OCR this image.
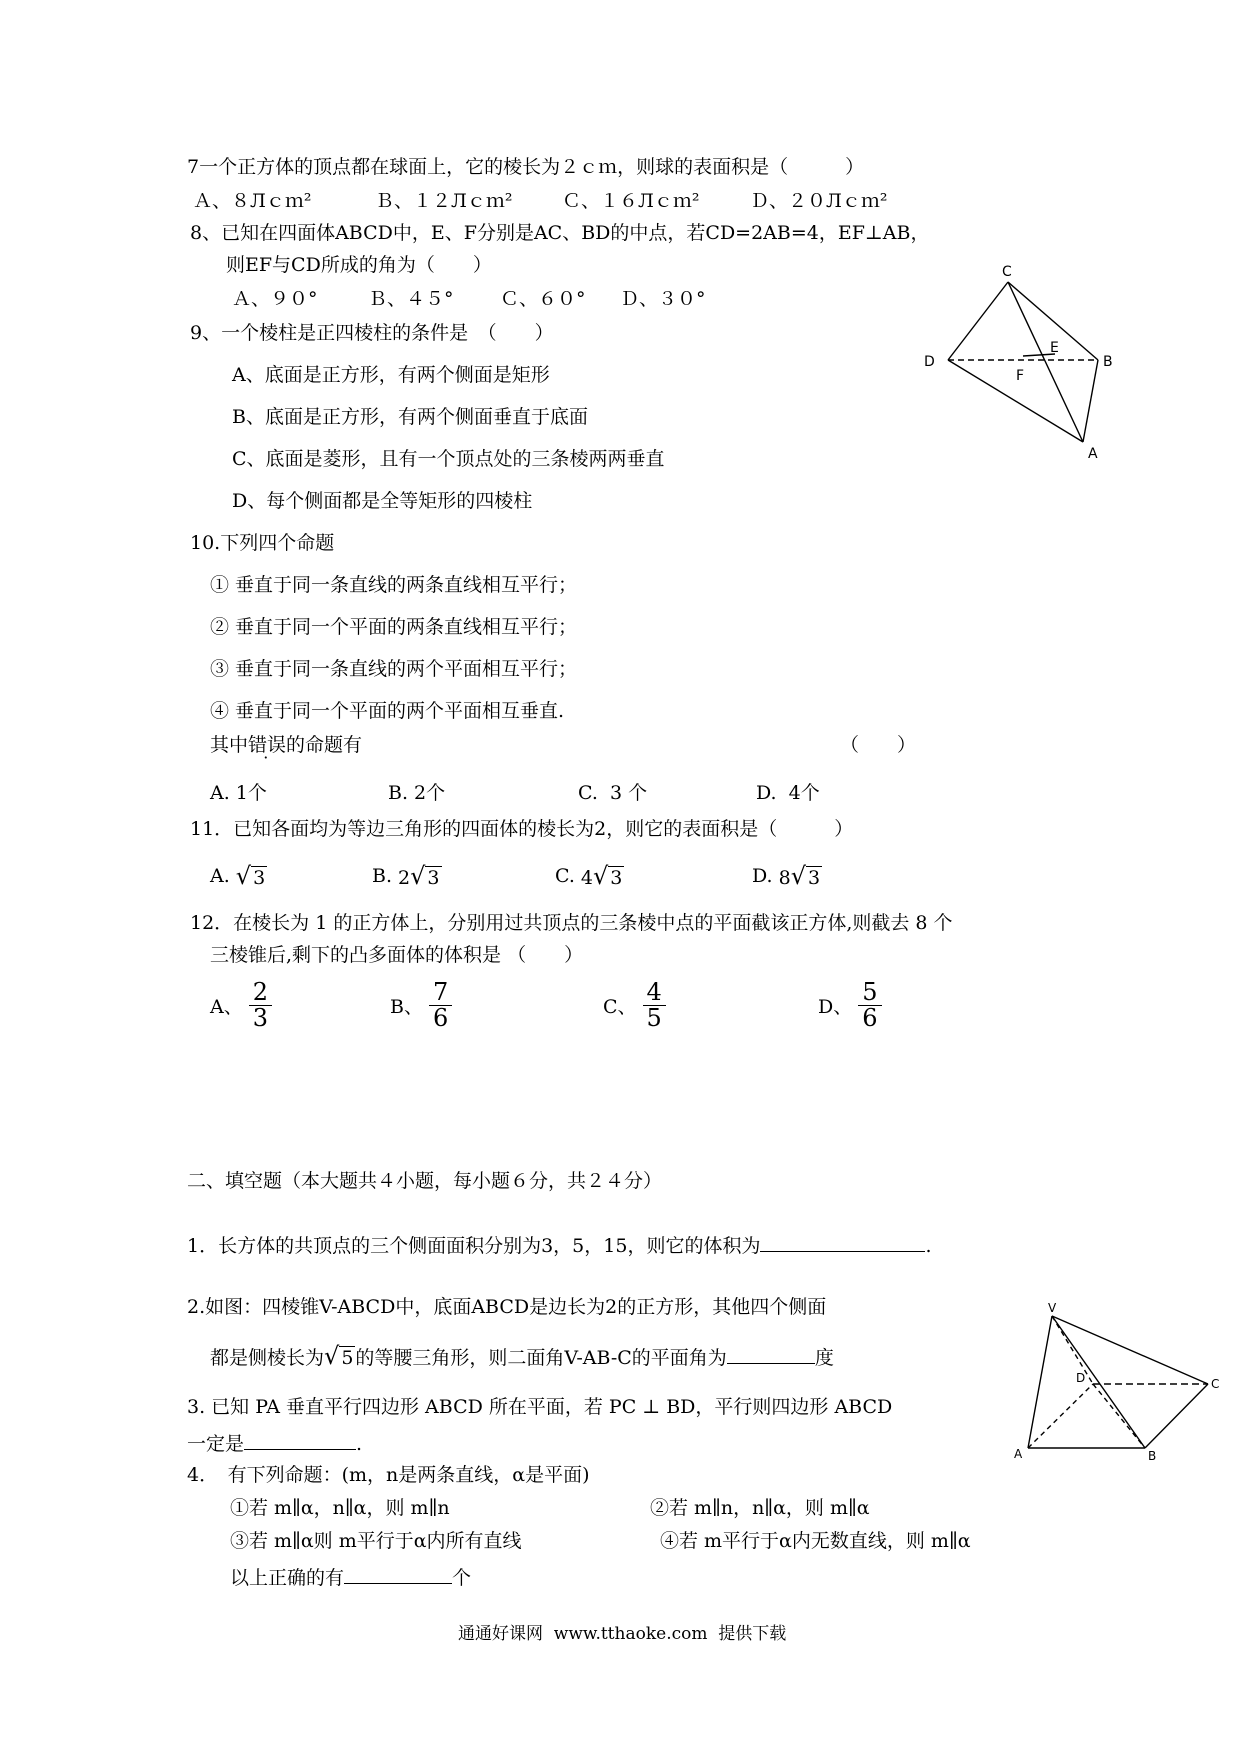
7一个正方体的顶点都在球面上，它的棱长为２ｃｍ，则球的表面积是（　　　）
Ａ、８Лｃｍ²	Ｂ、１２Лｃｍ²	Ｃ、１６Лｃｍ²	Ｄ、２０Лｃｍ²
8、已知在四面体ABCD中，E、F分别是AC、BD的中点，若CD=2AB=4，EF⊥AB，
则EF与CD所成的角为（　　）
Ａ、９０°	Ｂ、４５° Ｃ、６０° Ｄ、３０°
C
D
E
F
B
A
9、一个棱柱是正四棱柱的条件是　（　　）
A、底面是正方形，有两个侧面是矩形
B、底面是正方形，有两个侧面垂直于底面
C、底面是菱形，且有一个顶点处的三条棱两两垂直
D、每个侧面都是全等矩形的四棱柱
10.下列四个命题
① 垂直于同一条直线的两条直线相互平行；
② 垂直于同一个平面的两条直线相互平行；
③ 垂直于同一条直线的两个平面相互平行；
④ 垂直于同一个平面的两个平面相互垂直.
其中错误的命题有	（　　）
A. 1个	B. 2个	C.  3 个	D.  4个
11．已知各面均为等边三角形的四面体的棱长为2，则它的表面积是（　　　）
A. √ 3	B. 2√ 3	C. 4√ 3	D. 8√ 3
12．在棱长为 1 的正方体上，分别用过共顶点的三条棱中点的平面截该正方体,则截去 8 个
三棱锥后,剩下的凸多面体的体积是 （　　）
A、 $\frac{2}{3}$	B、 $\frac{7}{6}$	C、 $\frac{4}{5}$	D、 $\frac{5}{6}$
二、填空题（本大题共４小题，每小题６分，共２４分）
1．长方体的共顶点的三个侧面面积分别为3，5，15，则它的体积为	.
2.如图：四棱锥V-ABCD中，底面ABCD是边长为2的正方形，其他四个侧面
都是侧棱长为√ 5 的等腰三角形，则二面角V-AB-C的平面角为	度
V
D	C
A	B
3. 已知 PA 垂直平行四边形 ABCD 所在平面，若 PC ⊥ BD，平行则四边形 ABCD
一定是	.
4．　有下列命题：(m，n是两条直线，α是平面)
①若 m∥α，n∥α，则 m∥n	②若 m∥n，n∥α，则 m∥α
③若 m∥α则 m平行于α内所有直线	④若 m平行于α内无数直线，则 m∥α
以上正确的有	个
通通好课网  www.tthaoke.com  提供下载
